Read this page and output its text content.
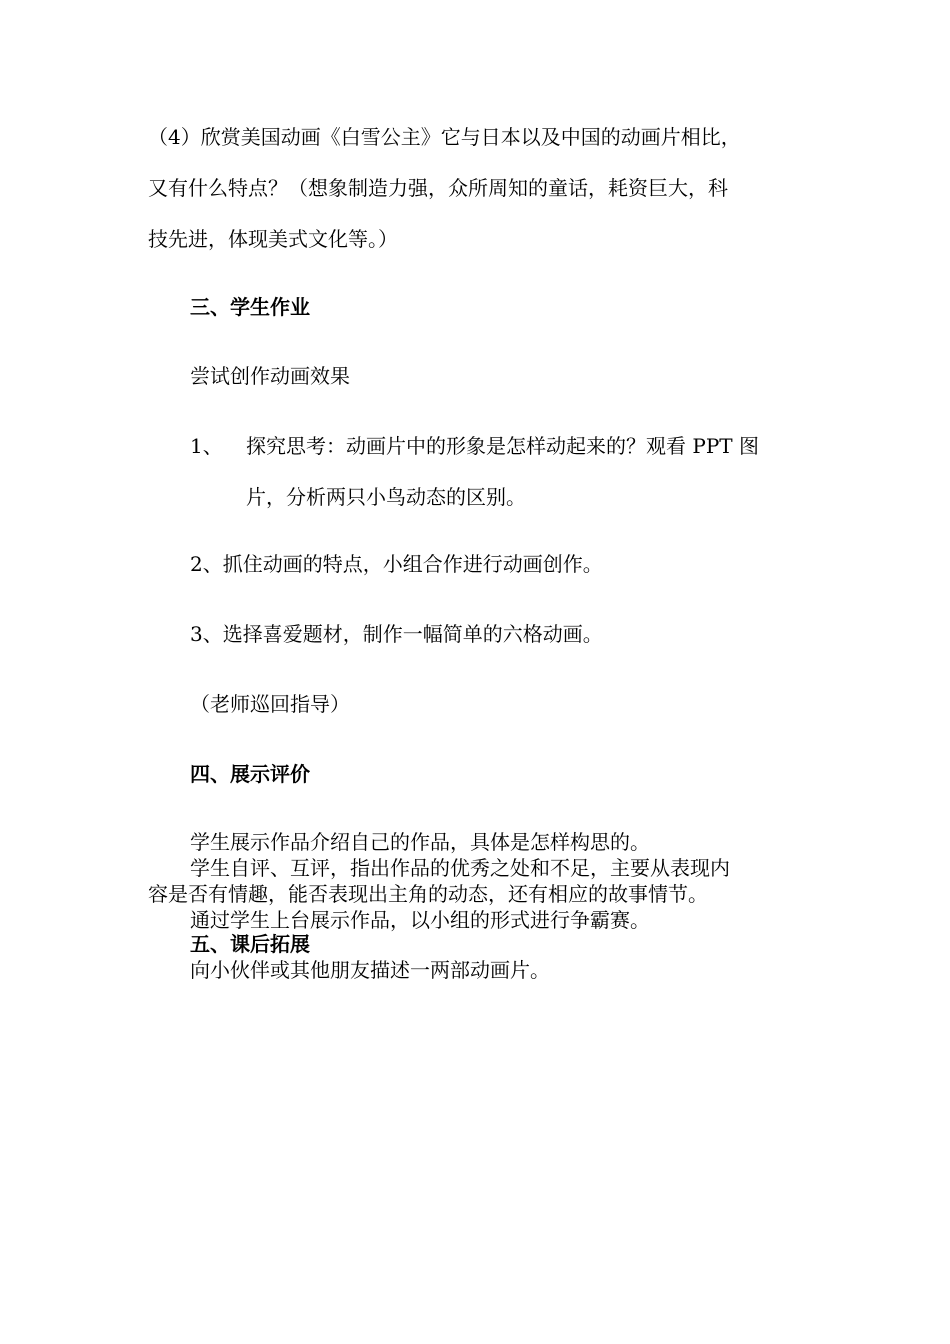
（4）欣赏美国动画《白雪公主》它与日本以及中国的动画片相比，
又有什么特点？（想象制造力强，众所周知的童话，耗资巨大，科
技先进，体现美式文化等。）
三、学生作业
尝试创作动画效果
1、 探究思考：动画片中的形象是怎样动起来的？观看 PPT 图
片，分析两只小鸟动态的区别。
2、抓住动画的特点，小组合作进行动画创作。
3、选择喜爱题材，制作一幅简单的六格动画。
（老师巡回指导）
四、展示评价
学生展示作品介绍自己的作品，具体是怎样构思的。
学生自评、互评，指出作品的优秀之处和不足，主要从表现内
容是否有情趣，能否表现出主角的动态，还有相应的故事情节。
通过学生上台展示作品，以小组的形式进行争霸赛。
五、课后拓展
向小伙伴或其他朋友描述一两部动画片。
